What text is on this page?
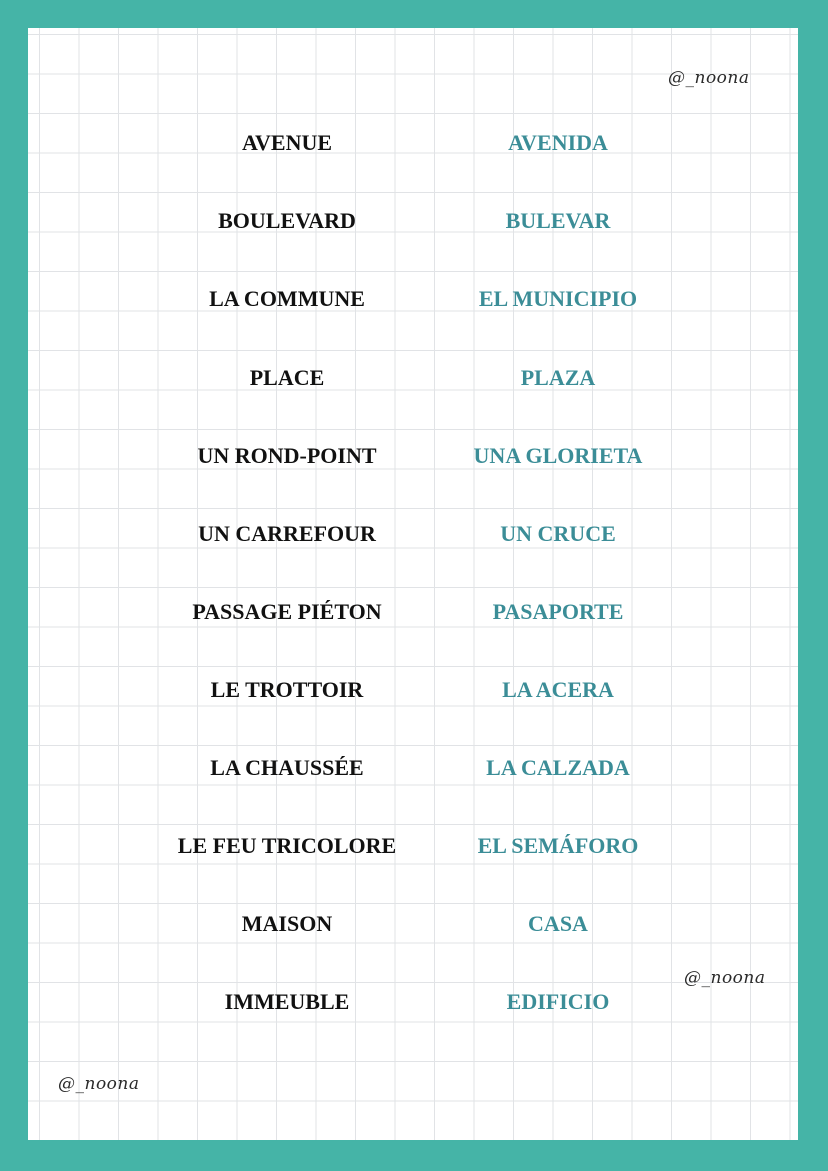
@_noona
AVENUE	AVENIDA
BOULEVARD	BULEVAR
LA COMMUNE	EL MUNICIPIO
PLACE	PLAZA
UN ROND-POINT	UNA GLORIETA
UN CARREFOUR	UN CRUCE
PASSAGE PIÉTON	PASAPORTE
LE TROTTOIR	LA ACERA
LA CHAUSSÉE	LA CALZADA
LE FEU TRICOLORE	EL SEMÁFORO
MAISON	CASA
IMMEUBLE	EDIFICIO
@_noona
@_noona
